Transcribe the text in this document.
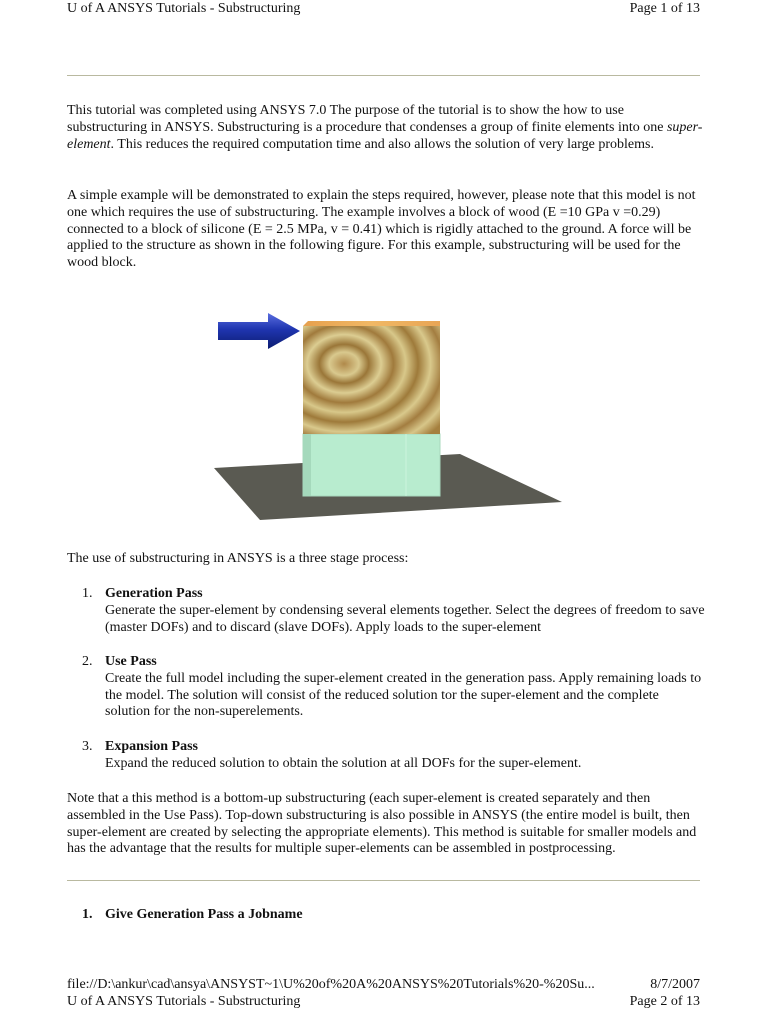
U of A ANSYS Tutorials - Substructuring	Page 1 of 13

This tutorial was completed using ANSYS 7.0 The purpose of the tutorial is to show the how to use substructuring in ANSYS. Substructuring is a procedure that condenses a group of finite elements into one super-element. This reduces the required computation time and also allows the solution of very large problems.

A simple example will be demonstrated to explain the steps required, however, please note that this model is not one which requires the use of substructuring. The example involves a block of wood (E =10 GPa v =0.29) connected to a block of silicone (E = 2.5 MPa, v = 0.41) which is rigidly attached to the ground. A force will be applied to the structure as shown in the following figure. For this example, substructuring will be used for the wood block.

The use of substructuring in ANSYS is a three stage process:

1. Generation Pass

Generate the super-element by condensing several elements together. Select the degrees of freedom to save (master DOFs) and to discard (slave DOFs). Apply loads to the super-element

2. Use Pass

Create the full model including the super-element created in the generation pass. Apply remaining loads to the model. The solution will consist of the reduced solution tor the super-element and the complete solution for the non-superelements.

3. Expansion Pass

Expand the reduced solution to obtain the solution at all DOFs for the super-element.

Note that a this method is a bottom-up substructuring (each super-element is created separately and then assembled in the Use Pass). Top-down substructuring is also possible in ANSYS (the entire model is built, then super-element are created by selecting the appropriate elements). This method is suitable for smaller models and has the advantage that the results for multiple super-elements can be assembled in postprocessing.

1. Give Generation Pass a Jobname
file://D:\ankur\cad\ansya\ANSYST~1\U%20of%20A%20ANSYS%20Tutorials%20-%20Su...	8/7/2007
U of A ANSYS Tutorials - Substructuring	Page 2 of 13
